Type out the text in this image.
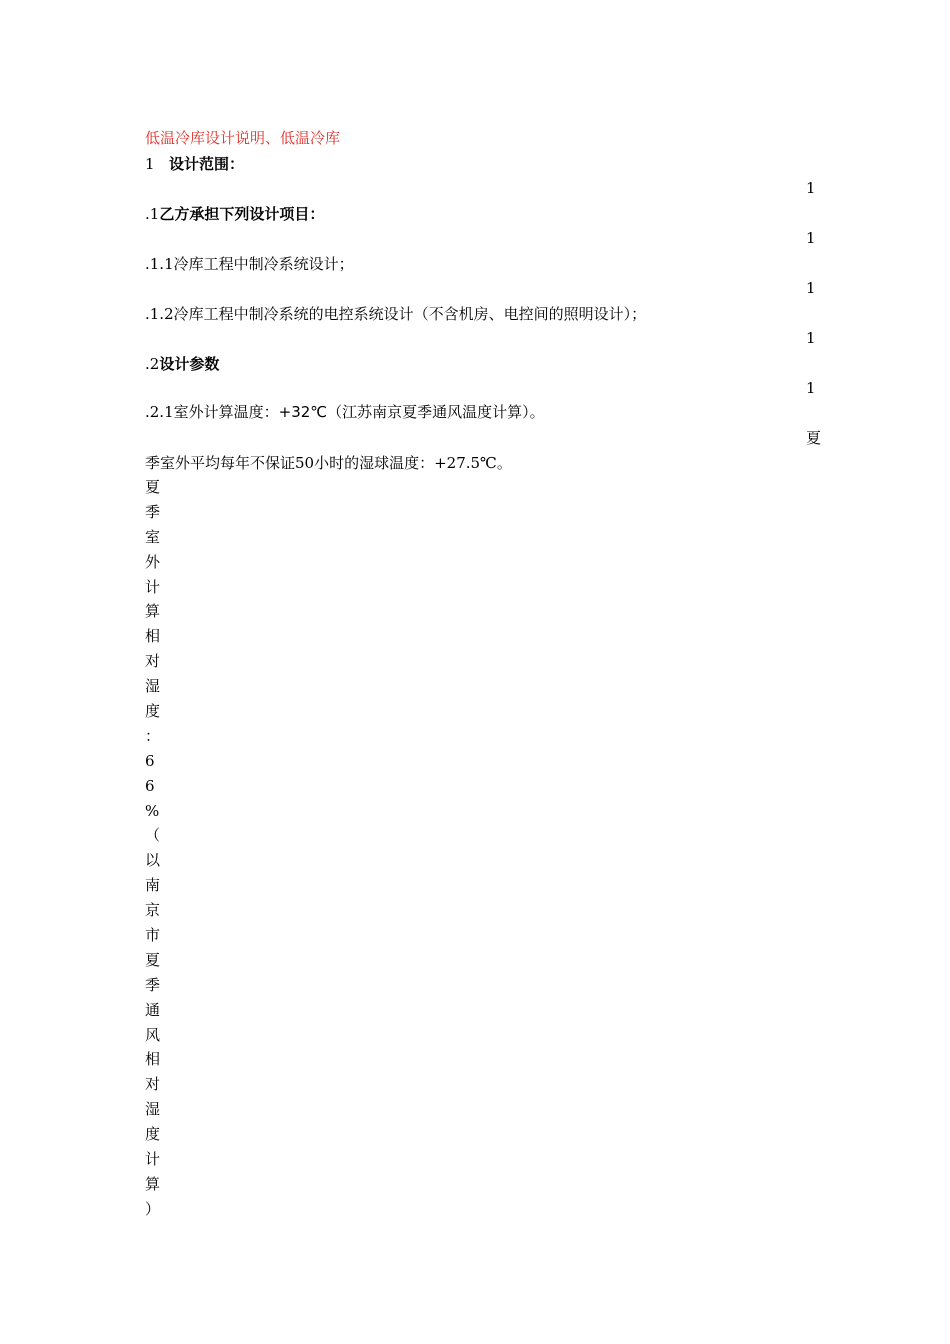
低温冷库设计说明、低温冷库
1 设计范围：
1
.1乙方承担下列设计项目：
1
.1.1冷库工程中制冷系统设计；
1
.1.2冷库工程中制冷系统的电控系统设计（不含机房、电控间的照明设计）；
1
.2设计参数
1
.2.1室外计算温度：+32℃（江苏南京夏季通风温度计算）。
夏
季室外平均每年不保证50小时的湿球温度：+27.5℃。
夏
季
室
外
计
算
相
对
湿
度
：
6
6
%
（
以
南
京
市
夏
季
通
风
相
对
湿
度
计
算
）
